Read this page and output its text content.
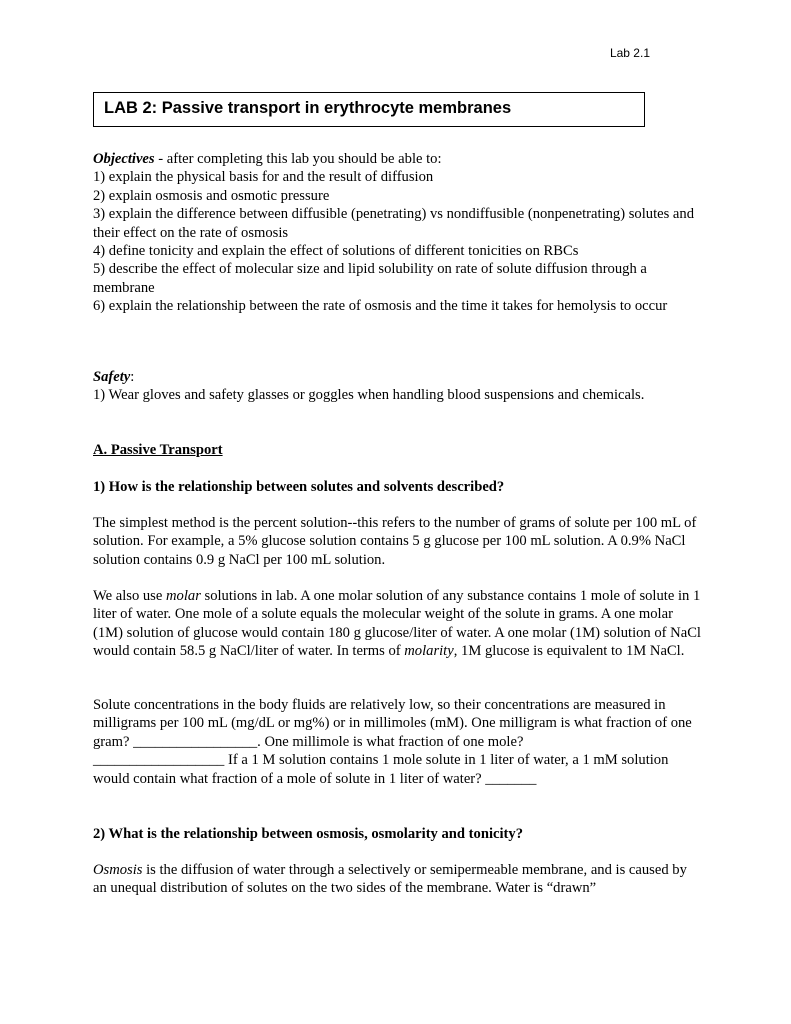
Lab 2.1
LAB 2: Passive transport in erythrocyte membranes

Objectives - after completing this lab you should be able to:

1) explain the physical basis for and the result of diffusion

2) explain osmosis and osmotic pressure

3) explain the difference between diffusible (penetrating) vs nondiffusible (nonpenetrating) solutes and their effect on the rate of osmosis

4) define tonicity and explain the effect of solutions of different tonicities on RBCs

5) describe the effect of molecular size and lipid solubility on rate of solute diffusion through a membrane

6) explain the relationship between the rate of osmosis and the time it takes for hemolysis to occur

Safety:

1) Wear gloves and safety glasses or goggles when handling blood suspensions and chemicals.

A. Passive Transport

1) How is the relationship between solutes and solvents described?

The simplest method is the percent solution--this refers to the number of grams of solute per 100 mL of solution. For example, a 5% glucose solution contains 5 g glucose per 100 mL solution. A 0.9% NaCl solution contains 0.9 g NaCl per 100 mL solution.

We also use molar solutions in lab. A one molar solution of any substance contains 1 mole of solute in 1 liter of water. One mole of a solute equals the molecular weight of the solute in grams. A one molar (1M) solution of glucose would contain 180 g glucose/liter of water. A one molar (1M) solution of NaCl would contain 58.5 g NaCl/liter of water. In terms of molarity, 1M glucose is equivalent to 1M NaCl.

Solute concentrations in the body fluids are relatively low, so their concentrations are measured in milligrams per 100 mL (mg/dL or mg%) or in millimoles (mM). One milligram is what fraction of one gram? _________________. One millimole is what fraction of one mole?

__________________ If a 1 M solution contains 1 mole solute in 1 liter of water, a 1 mM solution would contain what fraction of a mole of solute in 1 liter of water? _______

2) What is the relationship between osmosis, osmolarity and tonicity?

Osmosis is the diffusion of water through a selectively or semipermeable membrane, and is caused by an unequal distribution of solutes on the two sides of the membrane. Water is “drawn”
